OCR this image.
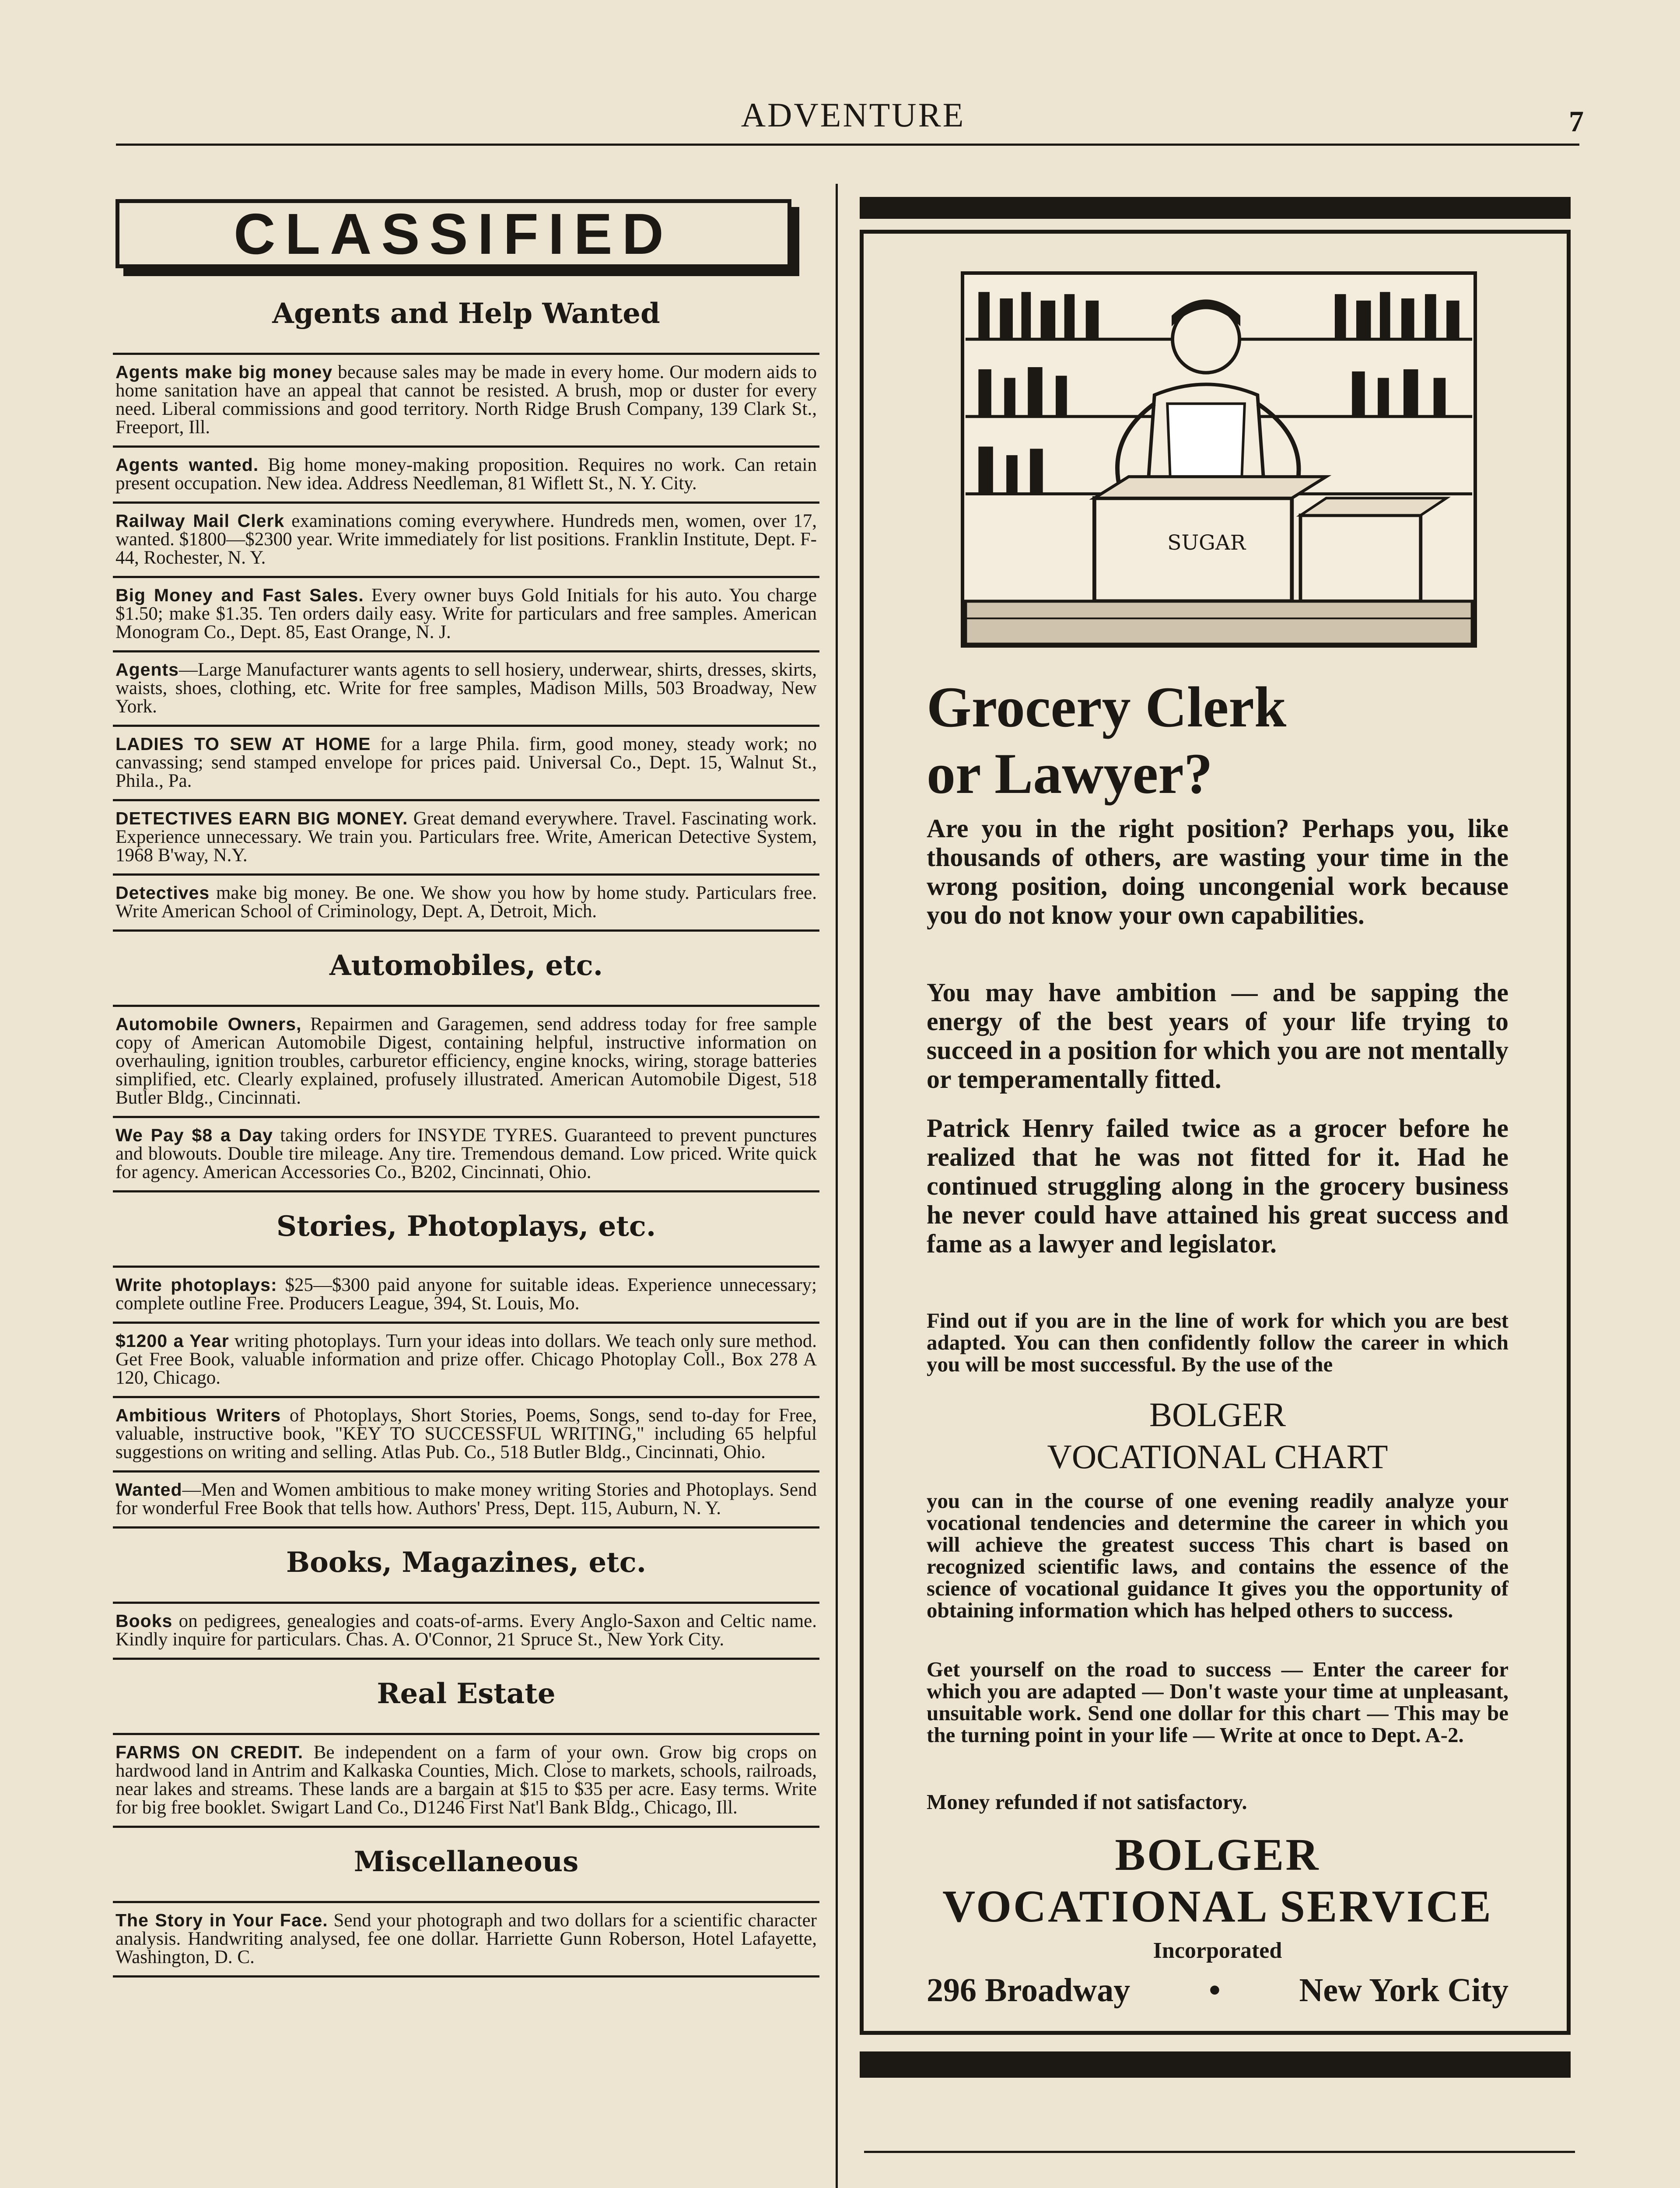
ADVENTURE	7
CLASSIFIED
Agents and Help Wanted
Agents make big money because sales may be made in every home. Our modern aids to home sanitation have an appeal that cannot be resisted. A brush, mop or duster for every need. Liberal commissions and good territory. North Ridge Brush Company, 139 Clark St., Freeport, Ill.
Agents wanted. Big home money-making proposition. Requires no work. Can retain present occupation. New idea. Address Needleman, 81 Wiflett St., N. Y. City.
Railway Mail Clerk examinations coming everywhere. Hundreds men, women, over 17, wanted. $1800—$2300 year. Write immediately for list positions. Franklin Institute, Dept. F-44, Rochester, N. Y.
Big Money and Fast Sales. Every owner buys Gold Initials for his auto. You charge $1.50; make $1.35. Ten orders daily easy. Write for particulars and free samples. American Monogram Co., Dept. 85, East Orange, N. J.
Agents—Large Manufacturer wants agents to sell hosiery, underwear, shirts, dresses, skirts, waists, shoes, clothing, etc. Write for free samples, Madison Mills, 503 Broadway, New York.
LADIES TO SEW AT HOME for a large Phila. firm, good money, steady work; no canvassing; send stamped envelope for prices paid. Universal Co., Dept. 15, Walnut St., Phila., Pa.
DETECTIVES EARN BIG MONEY. Great demand everywhere. Travel. Fascinating work. Experience unnecessary. We train you. Particulars free. Write, American Detective System, 1968 B'way, N.Y.
Detectives make big money. Be one. We show you how by home study. Particulars free. Write American School of Criminology, Dept. A, Detroit, Mich.
Automobiles, etc.
Automobile Owners, Repairmen and Garagemen, send address today for free sample copy of American Automobile Digest, containing helpful, instructive information on overhauling, ignition troubles, carburetor efficiency, engine knocks, wiring, storage batteries simplified, etc. Clearly explained, profusely illustrated. American Automobile Digest, 518 Butler Bldg., Cincinnati.
We Pay $8 a Day taking orders for INSYDE TYRES. Guaranteed to prevent punctures and blowouts. Double tire mileage. Any tire. Tremendous demand. Low priced. Write quick for agency. American Accessories Co., B202, Cincinnati, Ohio.
Stories, Photoplays, etc.
Write photoplays: $25—$300 paid anyone for suitable ideas. Experience unnecessary; complete outline Free. Producers League, 394, St. Louis, Mo.
$1200 a Year writing photoplays. Turn your ideas into dollars. We teach only sure method. Get Free Book, valuable information and prize offer. Chicago Photoplay Coll., Box 278 A 120, Chicago.
Ambitious Writers of Photoplays, Short Stories, Poems, Songs, send to-day for Free, valuable, instructive book, "KEY TO SUCCESSFUL WRITING," including 65 helpful suggestions on writing and selling. Atlas Pub. Co., 518 Butler Bldg., Cincinnati, Ohio.
Wanted—Men and Women ambitious to make money writing Stories and Photoplays. Send for wonderful Free Book that tells how. Authors' Press, Dept. 115, Auburn, N. Y.
Books, Magazines, etc.
Books on pedigrees, genealogies and coats-of-arms. Every Anglo-Saxon and Celtic name. Kindly inquire for particulars. Chas. A. O'Connor, 21 Spruce St., New York City.
Real Estate
FARMS ON CREDIT. Be independent on a farm of your own. Grow big crops on hardwood land in Antrim and Kalkaska Counties, Mich. Close to markets, schools, railroads, near lakes and streams. These lands are a bargain at $15 to $35 per acre. Easy terms. Write for big free booklet. Swigart Land Co., D1246 First Nat'l Bank Bldg., Chicago, Ill.
Miscellaneous
The Story in Your Face. Send your photograph and two dollars for a scientific character analysis. Handwriting analysed, fee one dollar. Harriette Gunn Roberson, Hotel Lafayette, Washington, D. C.
SUGAR
Grocery Clerk
or Lawyer?
Are you in the right position? Perhaps you, like thousands of others, are wasting your time in the wrong position, doing uncongenial work because you do not know your own capabilities.
You may have ambition — and be sapping the energy of the best years of your life trying to succeed in a position for which you are not mentally or temperamentally fitted.
Patrick Henry failed twice as a grocer before he realized that he was not fitted for it. Had he continued struggling along in the grocery business he never could have attained his great success and fame as a lawyer and legislator.
Find out if you are in the line of work for which you are best adapted. You can then confidently follow the career in which you will be most successful. By the use of the
BOLGER
VOCATIONAL CHART
you can in the course of one evening readily analyze your vocational tendencies and determine the career in which you will achieve the greatest success This chart is based on recognized scientific laws, and contains the essence of the science of vocational guidance It gives you the opportunity of obtaining information which has helped others to success.
Get yourself on the road to success — Enter the career for which you are adapted — Don't waste your time at unpleasant, unsuitable work. Send one dollar for this chart — This may be the turning point in your life — Write at once to Dept. A-2.
Money refunded if not satisfactory.
BOLGER
VOCATIONAL SERVICE
Incorporated
296 Broadway • New York City
